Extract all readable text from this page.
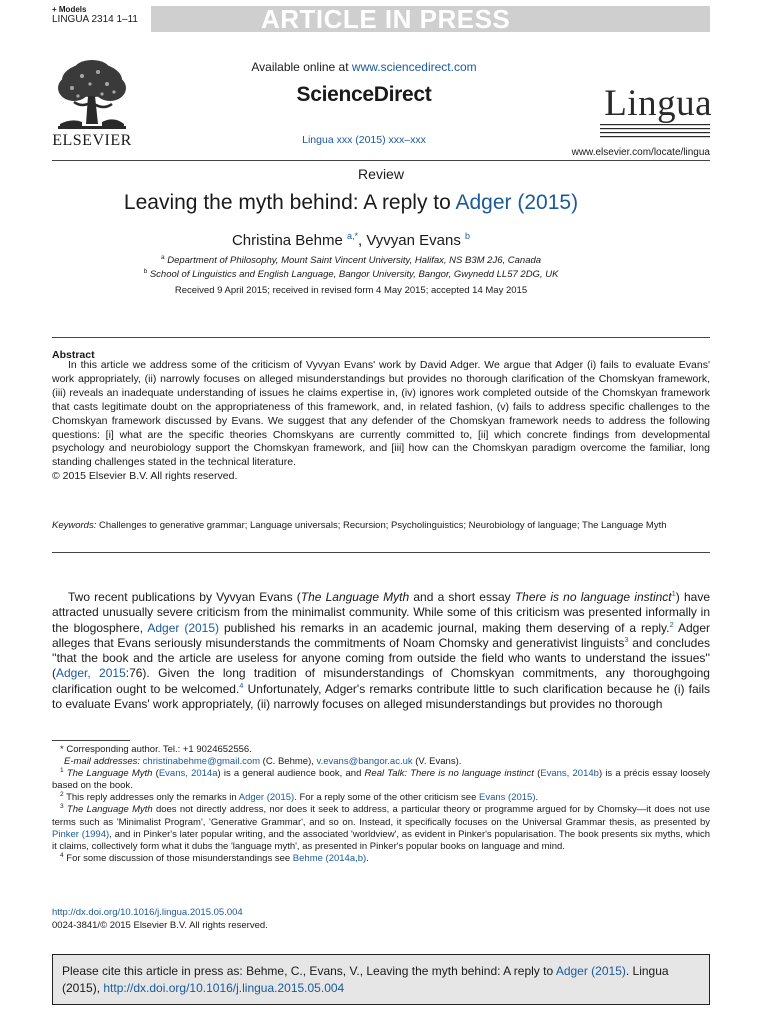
+ Models
LINGUA 2314 1–11	ARTICLE IN PRESS
ELSEVIER
Available online at www.sciencedirect.com
ScienceDirect
Lingua xxx (2015) xxx–xxx
Lingua
www.elsevier.com/locate/lingua
Review
Leaving the myth behind: A reply to Adger (2015)
Christina Behme $^{a,*}$, Vyvyan Evans $^b$
$^a$ Department of Philosophy, Mount Saint Vincent University, Halifax, NS B3M 2J6, Canada
$^b$ School of Linguistics and English Language, Bangor University, Bangor, Gwynedd LL57 2DG, UK
Received 9 April 2015; received in revised form 4 May 2015; accepted 14 May 2015
Abstract

In this article we address some of the criticism of Vyvyan Evans' work by David Adger. We argue that Adger (i) fails to evaluate Evans' work appropriately, (ii) narrowly focuses on alleged misunderstandings but provides no thorough clarification of the Chomskyan framework, (iii) reveals an inadequate understanding of issues he claims expertise in, (iv) ignores work completed outside of the Chomskyan framework that casts legitimate doubt on the appropriateness of this framework, and, in related fashion, (v) fails to address specific challenges to the Chomskyan framework discussed by Evans. We suggest that any defender of the Chomskyan framework needs to address the following questions: [i] what are the specific theories Chomskyans are currently committed to, [ii] which concrete findings from developmental psychology and neurobiology support the Chomskyan framework, and [iii] how can the Chomskyan paradigm overcome the familiar, long standing challenges stated in the technical literature.

© 2015 Elsevier B.V. All rights reserved.

Keywords: Challenges to generative grammar; Language universals; Recursion; Psycholinguistics; Neurobiology of language; The Language Myth

Two recent publications by Vyvyan Evans (The Language Myth and a short essay There is no language instinct$^1$) have attracted unusually severe criticism from the minimalist community. While some of this criticism was presented informally in the blogosphere, Adger (2015) published his remarks in an academic journal, making them deserving of a reply.$^2$ Adger alleges that Evans seriously misunderstands the commitments of Noam Chomsky and generativist linguists$^3$ and concludes ''that the book and the article are useless for anyone coming from outside the field who wants to understand the issues'' (Adger, 2015:76). Given the long tradition of misunderstandings of Chomskyan commitments, any thoroughgoing clarification ought to be welcomed.$^4$ Unfortunately, Adger's remarks contribute little to such clarification because he (i) fails to evaluate Evans' work appropriately, (ii) narrowly focuses on alleged misunderstandings but provides no thorough

* Corresponding author. Tel.: +1 9024652556.

E-mail addresses: christinabehme@gmail.com (C. Behme), v.evans@bangor.ac.uk (V. Evans).

$^1$ The Language Myth (Evans, 2014a) is a general audience book, and Real Talk: There is no language instinct (Evans, 2014b) is a précis essay loosely based on the book.

$^2$ This reply addresses only the remarks in Adger (2015). For a reply some of the other criticism see Evans (2015).

$^3$ The Language Myth does not directly address, nor does it seek to address, a particular theory or programme argued for by Chomsky—it does not use terms such as 'Minimalist Program', 'Generative Grammar', and so on. Instead, it specifically focuses on the Universal Grammar thesis, as presented by Pinker (1994), and in Pinker's later popular writing, and the associated 'worldview', as evident in Pinker's popularisation. The book presents six myths, which it claims, collectively form what it dubs the 'language myth', as presented in Pinker's popular books on language and mind.

$^4$ For some discussion of those misunderstandings see Behme (2014a,b).

http://dx.doi.org/10.1016/j.lingua.2015.05.004
0024-3841/© 2015 Elsevier B.V. All rights reserved.
Please cite this article in press as: Behme, C., Evans, V., Leaving the myth behind: A reply to Adger (2015). Lingua (2015), http://dx.doi.org/10.1016/j.lingua.2015.05.004
